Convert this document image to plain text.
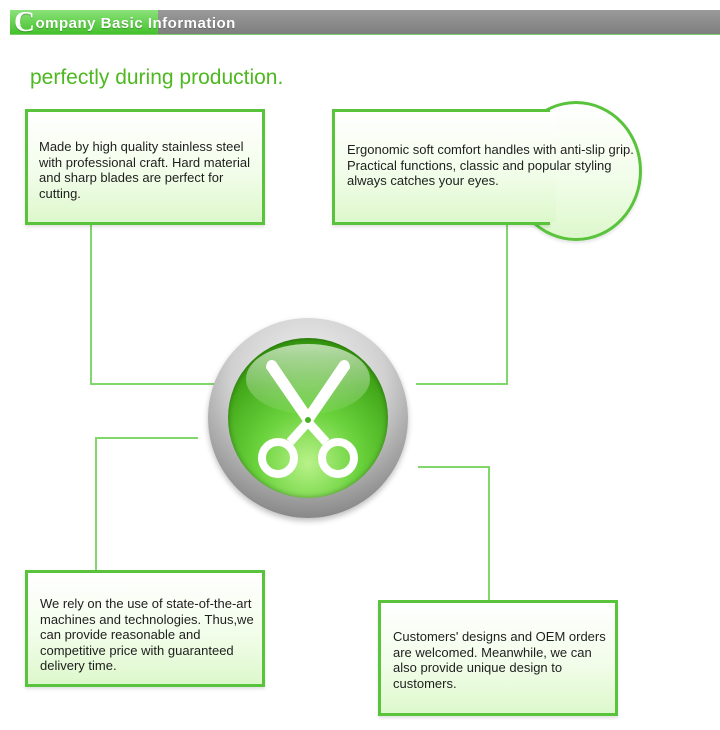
C ompany Basic Information
perfectly during production.
Made by high quality stainless steel with professional craft. Hard material and sharp blades are perfect for cutting.
Ergonomic soft comfort handles with anti-slip grip. Practical functions, classic and popular styling always catches your eyes.
We rely on the use of state-of-the-art machines and technologies. Thus,we can provide reasonable and competitive price with guaranteed delivery time.
Customers' designs and OEM orders are welcomed. Meanwhile, we can also provide unique design to customers.
